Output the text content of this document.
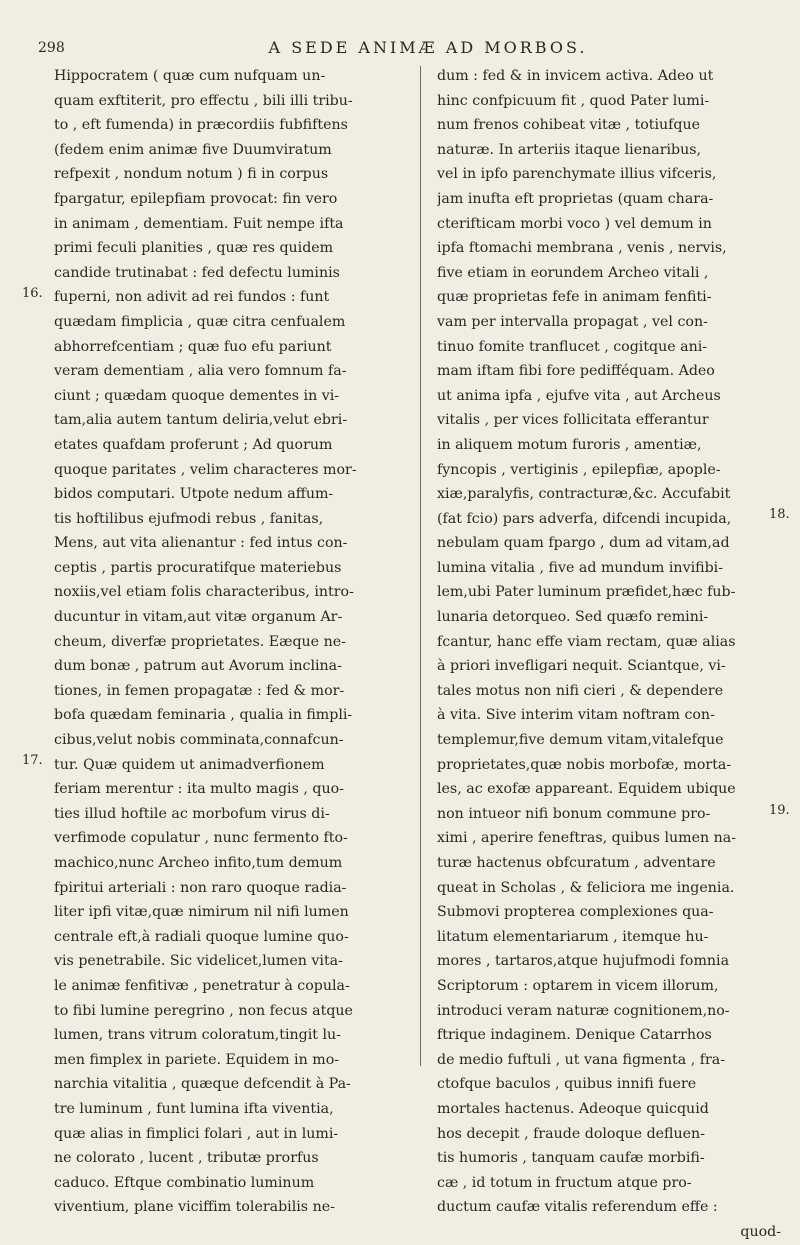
298	A SEDE ANIMÆ AD MORBOS.
Hippocratem ( quæ cum nufquam un-
quam exftiterit, pro effectu , bili illi tribu-
to , eft fumenda) in præcordiis fubfiftens
(fedem enim animæ five Duumviratum
refpexit , nondum notum ) fi in corpus
fpargatur, epilepfiam provocat: fin vero
in animam , dementiam. Fuit nempe ifta
primi feculi planities , quæ res quidem
candide trutinabat : fed defectu luminis
fuperni, non adivit ad rei fundos : funt
quædam fimplicia , quæ citra cenfualem
abhorrefcentiam ; quæ fuo efu pariunt
veram dementiam , alia vero fomnum fa-
ciunt ; quædam quoque dementes in vi-
tam,alia autem tantum deliria,velut ebri-
etates quafdam proferunt ; Ad quorum
quoque paritates , velim characteres mor-
bidos computari. Utpote nedum affum-
tis hoftilibus ejufmodi rebus , fanitas,
Mens, aut vita alienantur : fed intus con-
ceptis , partis procuratifque materiebus
noxiis,vel etiam folis characteribus, intro-
ducuntur in vitam,aut vitæ organum Ar-
cheum, diverfæ proprietates. Eæque ne-
dum bonæ , patrum aut Avorum inclina-
tiones, in femen propagatæ : fed & mor-
bofa quædam feminaria , qualia in fimpli-
cibus,velut nobis comminata,connafcun-
tur. Quæ quidem ut animadverfionem
feriam merentur : ita multo magis , quo-
ties illud hoftile ac morbofum virus di-
verfimode copulatur , nunc fermento fto-
machico,nunc Archeo infito,tum demum
fpiritui arteriali : non raro quoque radia-
liter ipfi vitæ,quæ nimirum nil nifi lumen
centrale eft,à radiali quoque lumine quo-
vis penetrabile. Sic videlicet,lumen vita-
le animæ fenfitivæ , penetratur à copula-
to fibi lumine peregrino , non fecus atque
lumen, trans vitrum coloratum,tingit lu-
men fimplex in pariete. Equidem in mo-
narchia vitalitia , quæque defcendit à Pa-
tre luminum , funt lumina ifta viventia,
quæ alias in fimplici folari , aut in lumi-
ne colorato , lucent , tributæ prorfus
caduco. Eftque combinatio luminum
viventium, plane viciffim tolerabilis ne-
dum : fed & in invicem activa. Adeo ut
hinc confpicuum fit , quod Pater lumi-
num frenos cohibeat vitæ , totiufque
naturæ. In arteriis itaque lienaribus,
vel in ipfo parenchymate illius vifceris,
jam inufta eft proprietas (quam chara-
cterifticam morbi voco ) vel demum in
ipfa ftomachi membrana , venis , nervis,
five etiam in eorundem Archeo vitali ,
quæ proprietas fefe in animam fenfiti-
vam per intervalla propagat , vel con-
tinuo fomite tranflucet , cogitque ani-
mam iftam fibi fore pedifféquam. Adeo
ut anima ipfa , ejufve vita , aut Archeus
vitalis , per vices follicitata efferantur
in aliquem motum furoris , amentiæ,
fyncopis , vertiginis , epilepfiæ, apople-
xiæ,paralyfis, contracturæ,&c. Accufabit
(fat fcio) pars adverfa, difcendi incupida,
nebulam quam fpargo , dum ad vitam,ad
lumina vitalia , five ad mundum invifibi-
lem,ubi Pater luminum præfidet,hæc fub-
lunaria detorqueo. Sed quæfo remini-
fcantur, hanc effe viam rectam, quæ alias
à priori invefligari nequit. Sciantque, vi-
tales motus non nifi cieri , & dependere
à vita. Sive interim vitam noftram con-
templemur,five demum vitam,vitalefque
proprietates,quæ nobis morbofæ, morta-
les, ac exofæ appareant. Equidem ubique
non intueor nifi bonum commune pro-
ximi , aperire feneftras, quibus lumen na-
turæ hactenus obfcuratum , adventare
queat in Scholas , & feliciora me ingenia.
Submovi propterea complexiones qua-
litatum elementariarum , itemque hu-
mores , tartaros,atque hujufmodi fomnia
Scriptorum : optarem in vicem illorum,
introduci veram naturæ cognitionem,no-
ftrique indaginem. Denique Catarrhos
de medio fuftuli , ut vana figmenta , fra-
ctofque baculos , quibus innifi fuere
mortales hactenus. Adeoque quicquid
hos decepit , fraude doloque defluen-
tis humoris , tanquam caufæ morbifi-
cæ , id totum in fructum atque pro-
ductum caufæ vitalis referendum effe :
quod-
16.
17.
18.
19.
